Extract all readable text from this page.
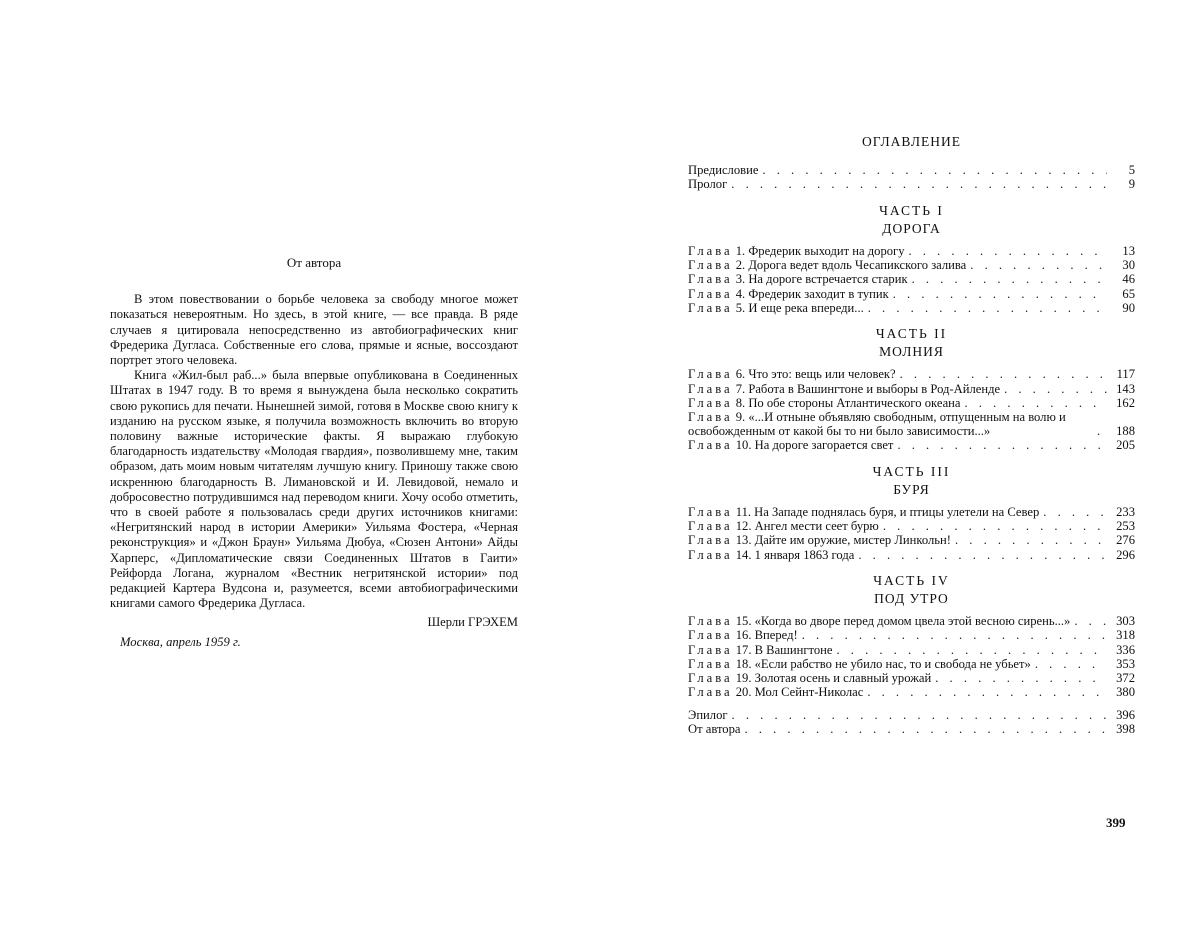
От автора

В этом повествовании о борьбе человека за свободу многое может показаться невероятным. Но здесь, в этой книге, — все правда. В ряде случаев я цитировала непосредственно из автобиографических книг Фредерика Дугласа. Собственные его слова, прямые и ясные, воссоздают портрет этого человека.

Книга «Жил-был раб...» была впервые опубликована в Соединенных Штатах в 1947 году. В то время я вынуждена была несколько сократить свою рукопись для печати. Нынешней зимой, готовя в Москве свою книгу к изданию на русском языке, я получила возможность включить во вторую половину важные исторические факты. Я выражаю глубокую благодарность издательству «Молодая гвардия», позволившему мне, таким образом, дать моим новым читателям лучшую книгу. Приношу также свою искреннюю благодарность В. Лимановской и И. Левидовой, немало и добросовестно потрудившимся над переводом книги. Хочу особо отметить, что в своей работе я пользовалась среди других источников книгами: «Негритянский народ в истории Америки» Уильяма Фостера, «Черная реконструкция» и «Джон Браун» Уильяма Дюбуа, «Сюзен Антони» Айды Харперс, «Дипломатические связи Соединенных Штатов в Гаити» Рейфорда Логана, журналом «Вестник негритянской истории» под редакцией Картера Вудсона и, разумеется, всеми автобиографическими книгами самого Фредерика Дугласа.

Шерли ГРЭХЕМ
Москва, апрель 1959 г.
ОГЛАВЛЕНИЕ
Предисловие . . .	5
Пролог . . .	9
ЧАСТЬ I
ДОРОГА
Глава 1. Фредерик выходит на дорогу . . .	13
Глава 2. Дорога ведет вдоль Чесапикского залива . . .	30
Глава 3. На дороге встречается старик . . .	46
Глава 4. Фредерик заходит в тупик . . .	65
Глава 5. И еще река впереди... . . .	90
ЧАСТЬ II
МОЛНИЯ
Глава 6. Что это: вещь или человек? . . .	117
Глава 7. Работа в Вашингтоне и выборы в Род-Айленде . . .	143
Глава 8. По обе стороны Атлантического океана . . .	162
Глава 9. «...И отныне объявляю свободным, отпущенным на волю и освобожденным от какой бы то ни было зависимости...» . . .	188
Глава 10. На дороге загорается свет . . .	205
ЧАСТЬ III
БУРЯ
Глава 11. На Западе поднялась буря, и птицы улетели на Север . . .	233
Глава 12. Ангел мести сеет бурю . . .	253
Глава 13. Дайте им оружие, мистер Линкольн! . . .	276
Глава 14. 1 января 1863 года . . .	296
ЧАСТЬ IV
ПОД УТРО
Глава 15. «Когда во дворе перед домом цвела этой весною сирень...» . . .	303
Глава 16. Вперед! . . .	318
Глава 17. В Вашингтоне . . .	336
Глава 18. «Если рабство не убило нас, то и свобода не убьет» . . .	353
Глава 19. Золотая осень и славный урожай . . .	372
Глава 20. Мол Сейнт-Николас . . .	380
Эпилог . . .	396
От автора . . .	398
399
